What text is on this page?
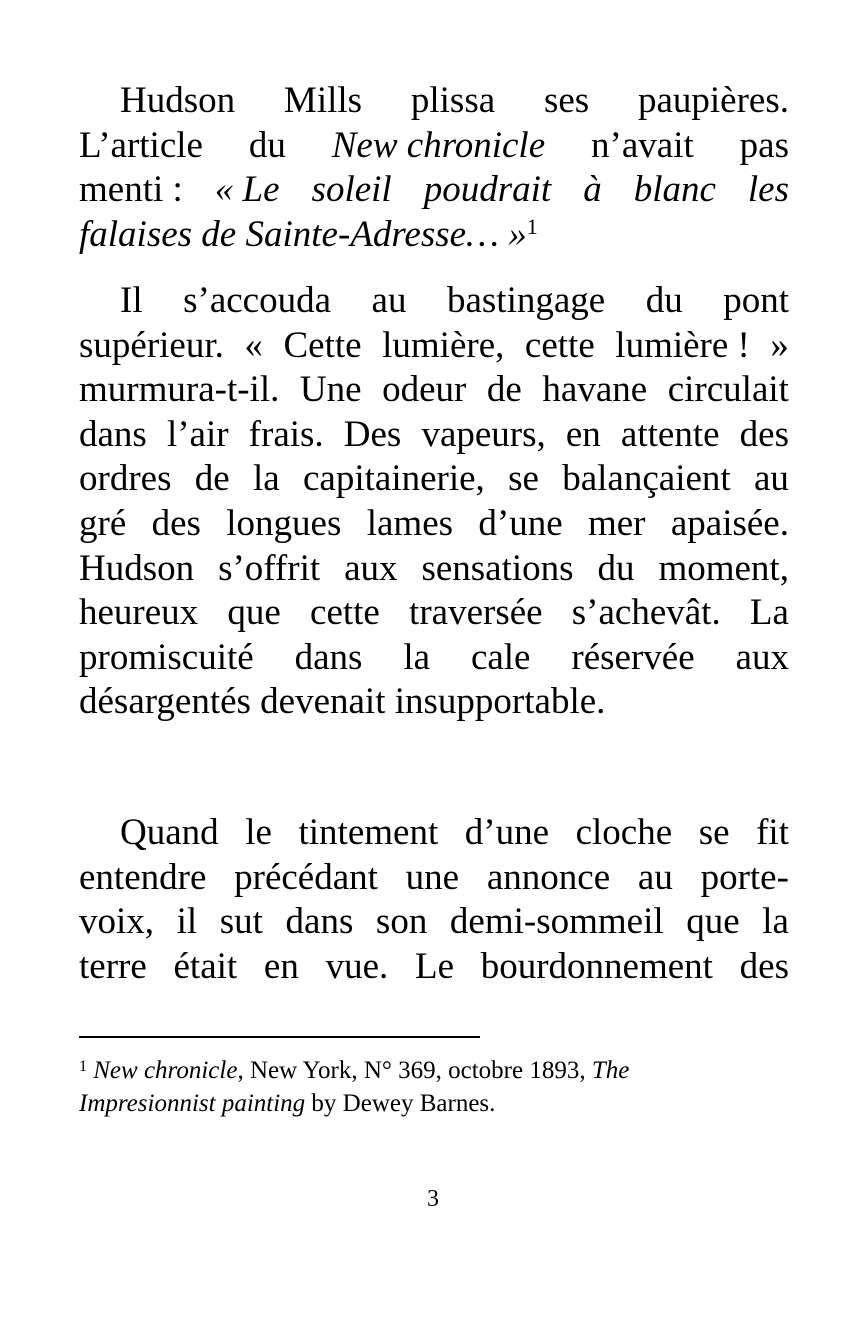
Hudson Mills plissa ses paupières.
L’article du New chronicle n’avait pas
menti : « Le soleil poudrait à blanc les
falaises de Sainte-Adresse… »$^1$
Il s’accouda au bastingage du pont
supérieur. « Cette lumière, cette lumière ! »
murmura-t-il. Une odeur de havane circulait
dans l’air frais. Des vapeurs, en attente des
ordres de la capitainerie, se balançaient au
gré des longues lames d’une mer apaisée.
Hudson s’offrit aux sensations du moment,
heureux que cette traversée s’achevât. La
promiscuité dans la cale réservée aux
désargentés devenait insupportable.
Quand le tintement d’une cloche se fit
entendre précédant une annonce au porte-
voix, il sut dans son demi-sommeil que la
terre était en vue. Le bourdonnement des
$^1$ New chronicle, New York, N° 369, octobre 1893, The
Impresionnist painting by Dewey Barnes.
3
